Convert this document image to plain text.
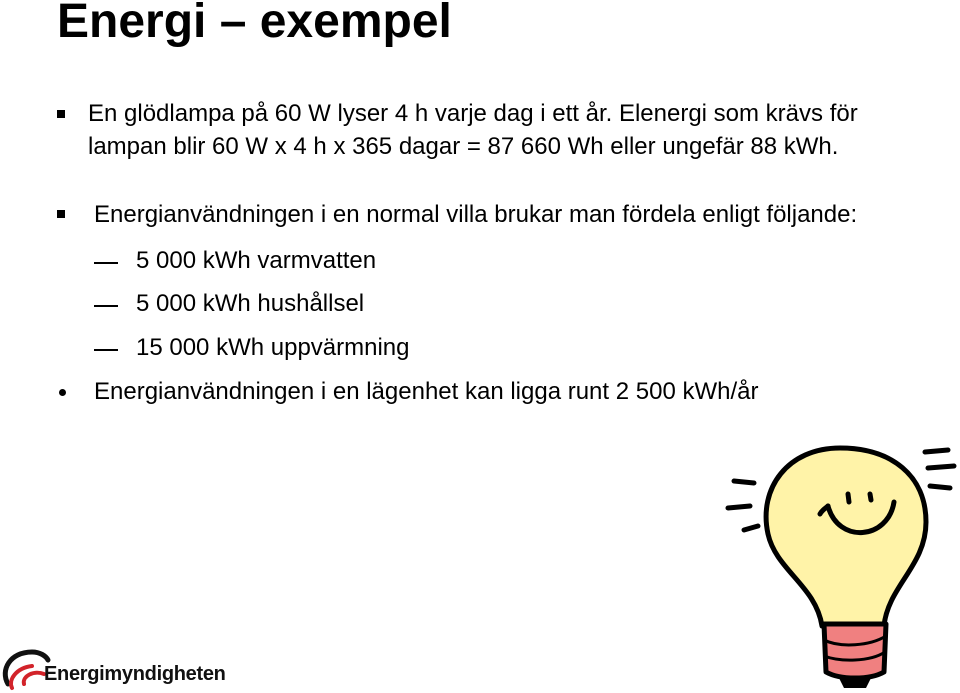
Energi – exempel
En glödlampa på 60 W lyser 4 h varje dag i ett år. Elenergi som krävs för
lampan blir 60 W x 4 h x 365 dagar = 87 660 Wh eller ungefär 88 kWh.
Energianvändningen i en normal villa brukar man fördela enligt följande:
5 000 kWh varmvatten
5 000 kWh hushållsel
15 000 kWh uppvärmning
Energianvändningen i en lägenhet kan ligga runt 2 500 kWh/år
Energimyndigheten
